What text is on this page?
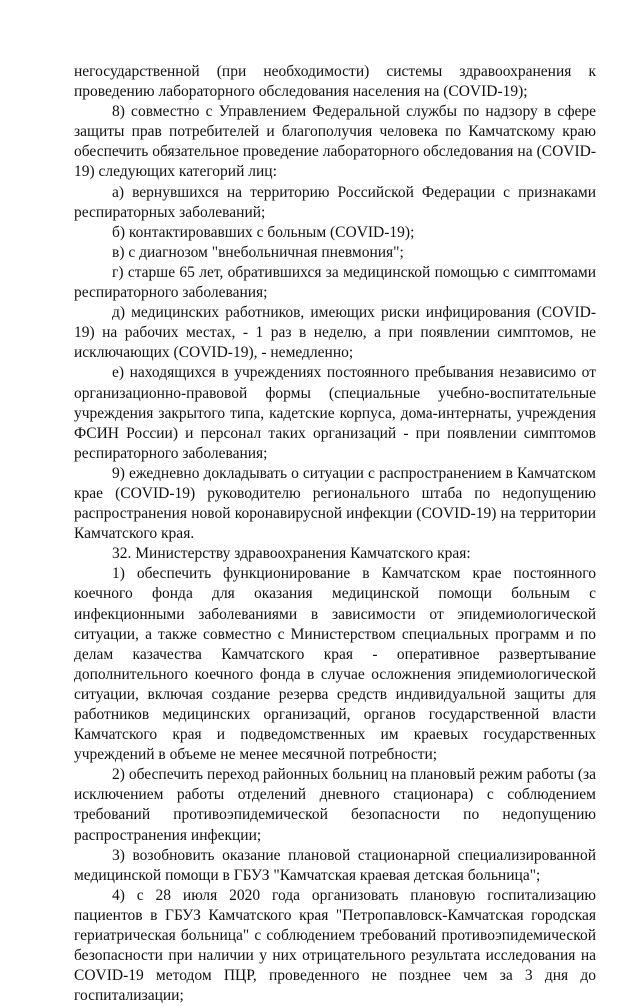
негосударственной (при необходимости) системы здравоохранения к проведению лабораторного обследования населения на (COVID-19);

8) совместно с Управлением Федеральной службы по надзору в сфере защиты прав потребителей и благополучия человека по Камчатскому краю обеспечить обязательное проведение лабораторного обследования на (COVID-19) следующих категорий лиц:

а) вернувшихся на территорию Российской Федерации с признаками респираторных заболеваний;

б) контактировавших с больным (COVID-19);

в) с диагнозом "внебольничная пневмония";

г) старше 65 лет, обратившихся за медицинской помощью с симптомами респираторного заболевания;

д) медицинских работников, имеющих риски инфицирования (COVID-19) на рабочих местах, - 1 раз в неделю, а при появлении симптомов, не исключающих (COVID-19), - немедленно;

е) находящихся в учреждениях постоянного пребывания независимо от организационно-правовой формы (специальные учебно-воспитательные учреждения закрытого типа, кадетские корпуса, дома-интернаты, учреждения ФСИН России) и персонал таких организаций - при появлении симптомов респираторного заболевания;

9) ежедневно докладывать о ситуации с распространением в Камчатском крае (COVID-19) руководителю регионального штаба по недопущению распространения новой коронавирусной инфекции (COVID-19) на территории Камчатского края.

32. Министерству здравоохранения Камчатского края:

1) обеспечить функционирование в Камчатском крае постоянного коечного фонда для оказания медицинской помощи больным с инфекционными заболеваниями в зависимости от эпидемиологической ситуации, а также совместно с Министерством специальных программ и по делам казачества Камчатского края - оперативное развертывание дополнительного коечного фонда в случае осложнения эпидемиологической ситуации, включая создание резерва средств индивидуальной защиты для работников медицинских организаций, органов государственной власти Камчатского края и подведомственных им краевых государственных учреждений в объеме не менее месячной потребности;

2) обеспечить переход районных больниц на плановый режим работы (за исключением работы отделений дневного стационара) с соблюдением требований противоэпидемической безопасности по недопущению распространения инфекции;

3) возобновить оказание плановой стационарной специализированной медицинской помощи в ГБУЗ "Камчатская краевая детская больница";

4) с 28 июля 2020 года организовать плановую госпитализацию пациентов в ГБУЗ Камчатского края "Петропавловск-Камчатская городская гериатрическая больница" с соблюдением требований противоэпидемической безопасности при наличии у них отрицательного результата исследования на COVID-19 методом ПЦР, проведенного не позднее чем за 3 дня до госпитализации;
